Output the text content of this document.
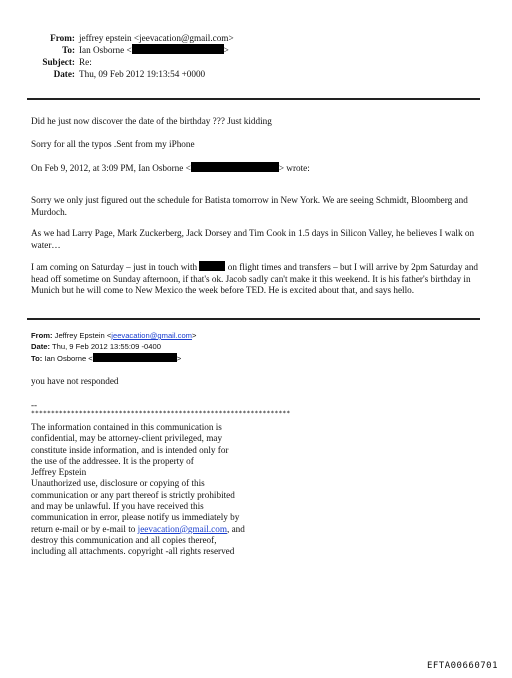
From: jeffrey epstein <jeevacation@gmail.com>
To: Ian Osborne <	>
Subject: Re:
Date: Thu, 09 Feb 2012 19:13:54 +0000
Did he just now discover the date of the birthday ??? Just kidding
Sorry for all the typos .Sent from my iPhone
On Feb 9, 2012, at 3:09 PM, Ian Osborne <	> wrote:
Sorry we only just figured out the schedule for Batista tomorrow in New York. We are seeing Schmidt, Bloomberg and Murdoch.
As we had Larry Page, Mark Zuckerberg, Jack Dorsey and Tim Cook in 1.5 days in Silicon Valley, he believes I walk on water…
I am coming on Saturday – just in touch with	on flight times and transfers – but I will arrive by 2pm Saturday and head off sometime on Sunday afternoon, if that's ok. Jacob sadly can't make it this weekend. It is his father's birthday in Munich but he will come to New Mexico the week before TED. He is excited about that, and says hello.
From: Jeffrey Epstein <jeevacation@gmail.com>
Date: Thu, 9 Feb 2012 13:55:09 -0400
To: Ian Osborne <	>
you have not responded
--
*****************************************************************

The information contained in this communication is

confidential, may be attorney-client privileged, may

constitute inside information, and is intended only for

the use of the addressee. It is the property of

Jeffrey Epstein

Unauthorized use, disclosure or copying of this

communication or any part thereof is strictly prohibited

and may be unlawful. If you have received this

communication in error, please notify us immediately by

return e-mail or by e-mail to jeevacation@gmail.com, and

destroy this communication and all copies thereof,

including all attachments. copyright -all rights reserved

EFTA00660701
